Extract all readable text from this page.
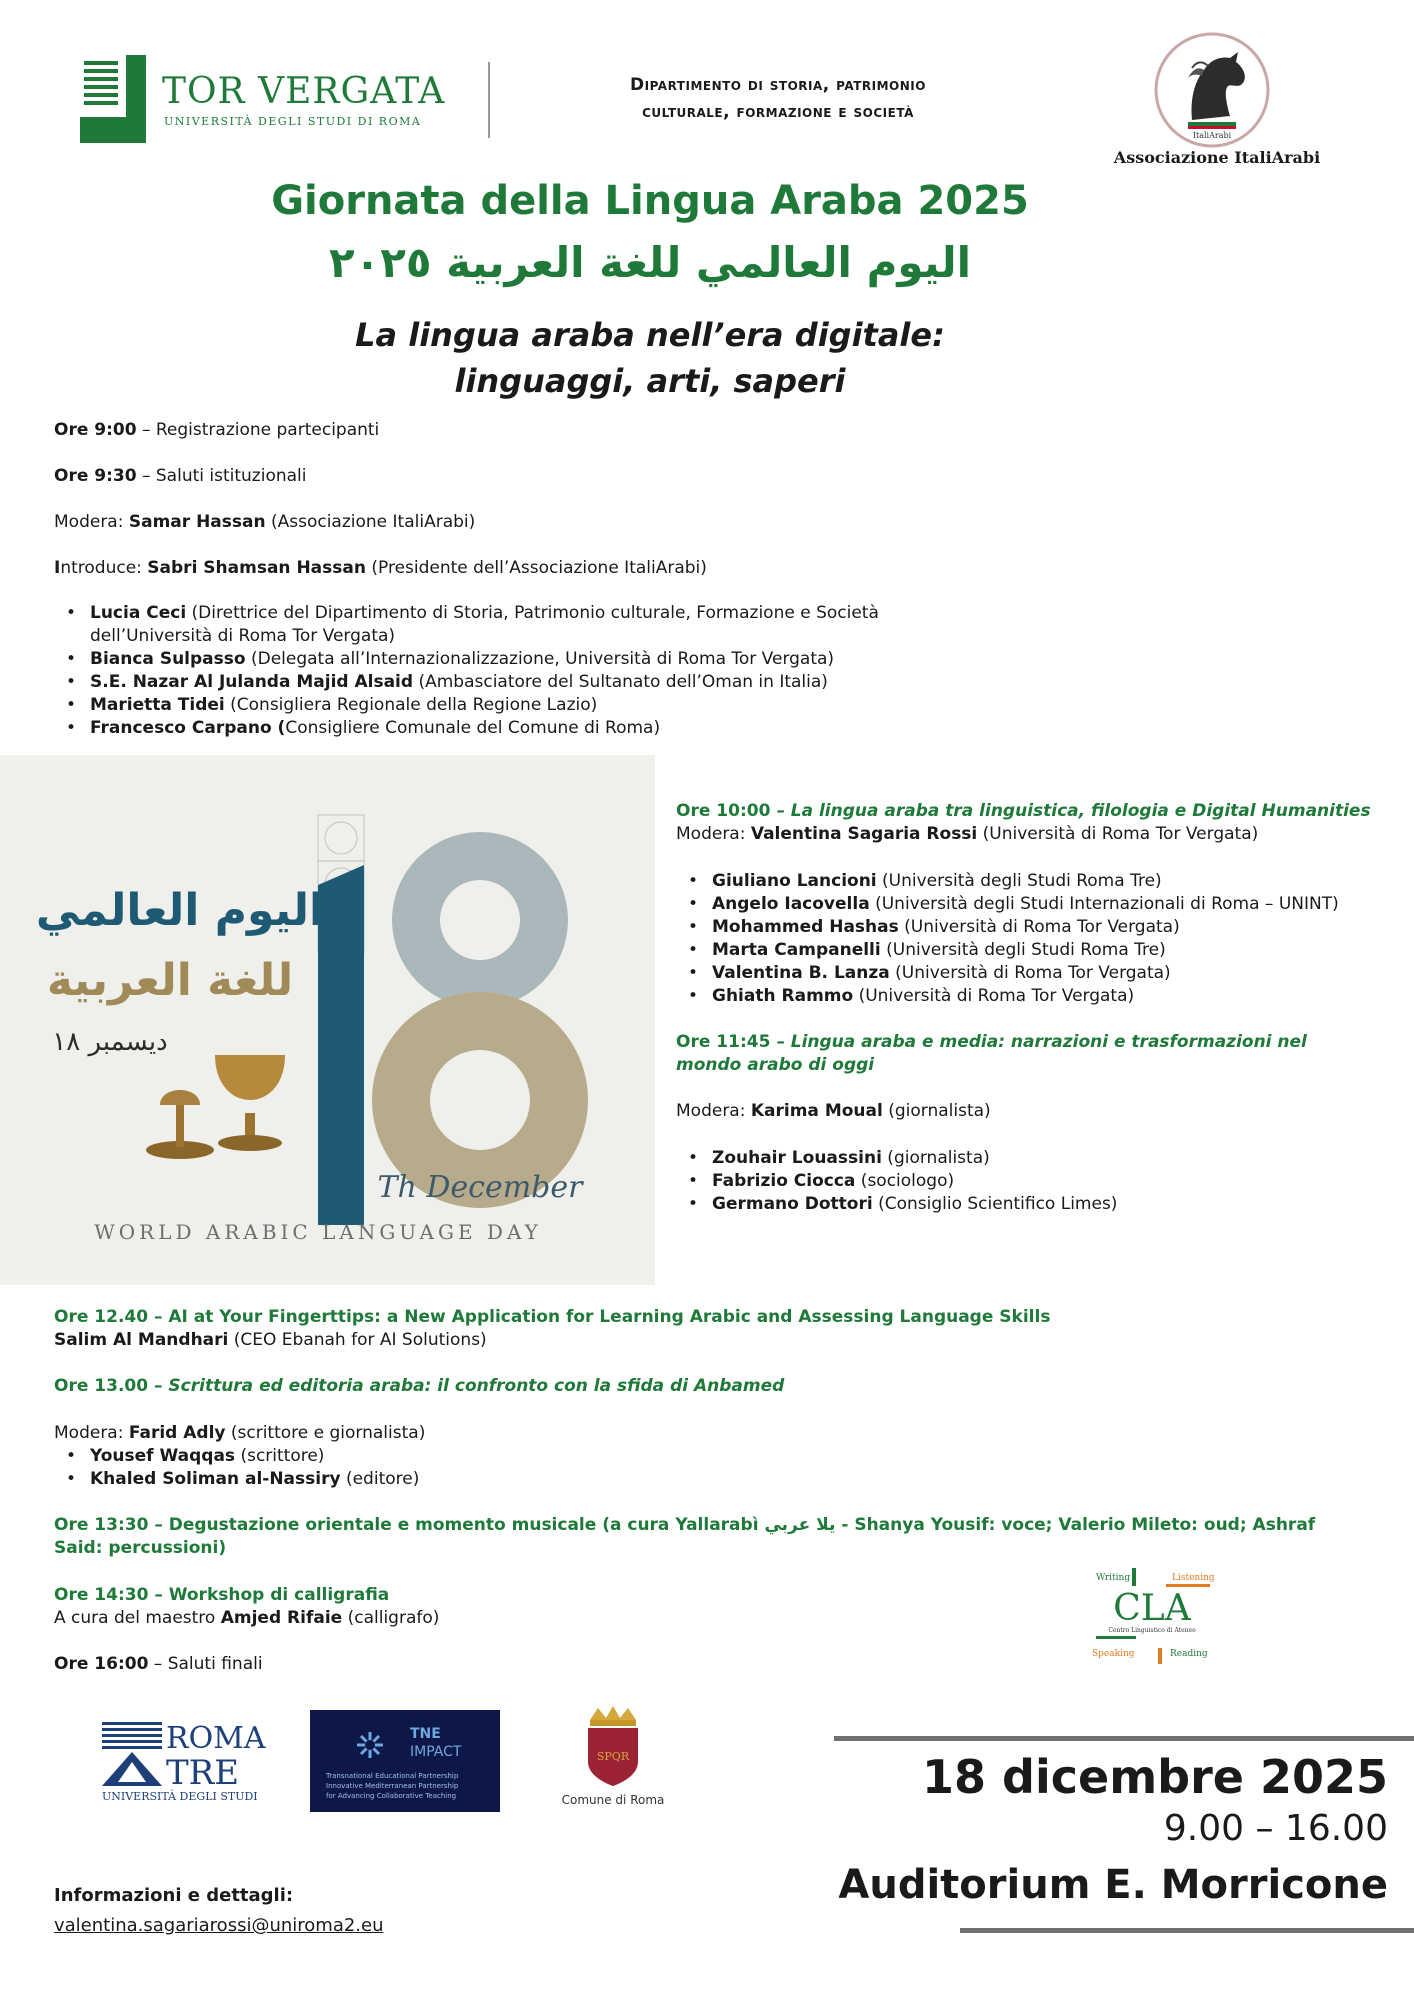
TOR VERGATA
UNIVERSITÀ DEGLI STUDI DI ROMA
Dipartimento di storia, patrimonio
culturale, formazione e società
ItaliArabi
Associazione ItaliArabi
Giornata della Lingua Araba 2025
اليوم العالمي للغة العربية ٢٠٢٥
La lingua araba nell’era digitale:
linguaggi, arti, saperi
Ore 9:00 – Registrazione partecipanti
Ore 9:30 – Saluti istituzionali
Modera: Samar Hassan (Associazione ItaliArabi)
Introduce: Sabri Shamsan Hassan (Presidente dell’Associazione ItaliArabi)
• Lucia Ceci (Direttrice del Dipartimento di Storia, Patrimonio culturale, Formazione e Società dell’Università di Roma Tor Vergata)
• Bianca Sulpasso (Delegata all’Internazionalizzazione, Università di Roma Tor Vergata)
• S.E. Nazar Al Julanda Majid Alsaid (Ambasciatore del Sultanato dell’Oman in Italia)
• Marietta Tidei (Consigliera Regionale della Regione Lazio)
• Francesco Carpano (Consigliere Comunale del Comune di Roma)
اليوم العالمي
للغة العربية
ديسمبر ١٨
Th December
WORLD ARABIC LANGUAGE DAY
Ore 10:00 – La lingua araba tra linguistica, filologia e Digital Humanities
Modera: Valentina Sagaria Rossi (Università di Roma Tor Vergata)
• Giuliano Lancioni (Università degli Studi Roma Tre)
• Angelo Iacovella (Università degli Studi Internazionali di Roma – UNINT)
• Mohammed Hashas (Università di Roma Tor Vergata)
• Marta Campanelli (Università degli Studi Roma Tre)
• Valentina B. Lanza (Università di Roma Tor Vergata)
• Ghiath Rammo (Università di Roma Tor Vergata)
Ore 11:45 – Lingua araba e media: narrazioni e trasformazioni nel mondo arabo di oggi
Modera: Karima Moual (giornalista)
• Zouhair Louassini (giornalista)
• Fabrizio Ciocca (sociologo)
• Germano Dottori (Consiglio Scientifico Limes)
Ore 12.40 – AI at Your Fingerttips: a New Application for Learning Arabic and Assessing Language Skills
Salim Al Mandhari (CEO Ebanah for AI Solutions)
Ore 13.00 – Scrittura ed editoria araba: il confronto con la sfida di Anbamed
Modera: Farid Adly (scrittore e giornalista)
• Yousef Waqqas (scrittore)
• Khaled Soliman al-Nassiry (editore)
Ore 13:30 – Degustazione orientale e momento musicale (a cura Yallarabì يلا عربي - Shanya Yousif: voce; Valerio Mileto: oud; Ashraf
Said: percussioni)
Ore 14:30 – Workshop di calligrafia
A cura del maestro Amjed Rifaie (calligrafo)
Ore 16:00 – Saluti finali
Writing	Listening
CLA
Centro Linguistico di Ateneo
Speaking	Reading
ROMA
TRE
UNIVERSITÀ DEGLI STUDI
TNE
IMPACT
Transnational Educational Partnership
Innovative Mediterranean Partnership
for Advancing Collaborative Teaching
SPQR
Comune di Roma	18 dicembre 2025
9.00 – 16.00
Auditorium E. Morricone
Informazioni e dettagli:
valentina.sagariarossi@uniroma2.eu
